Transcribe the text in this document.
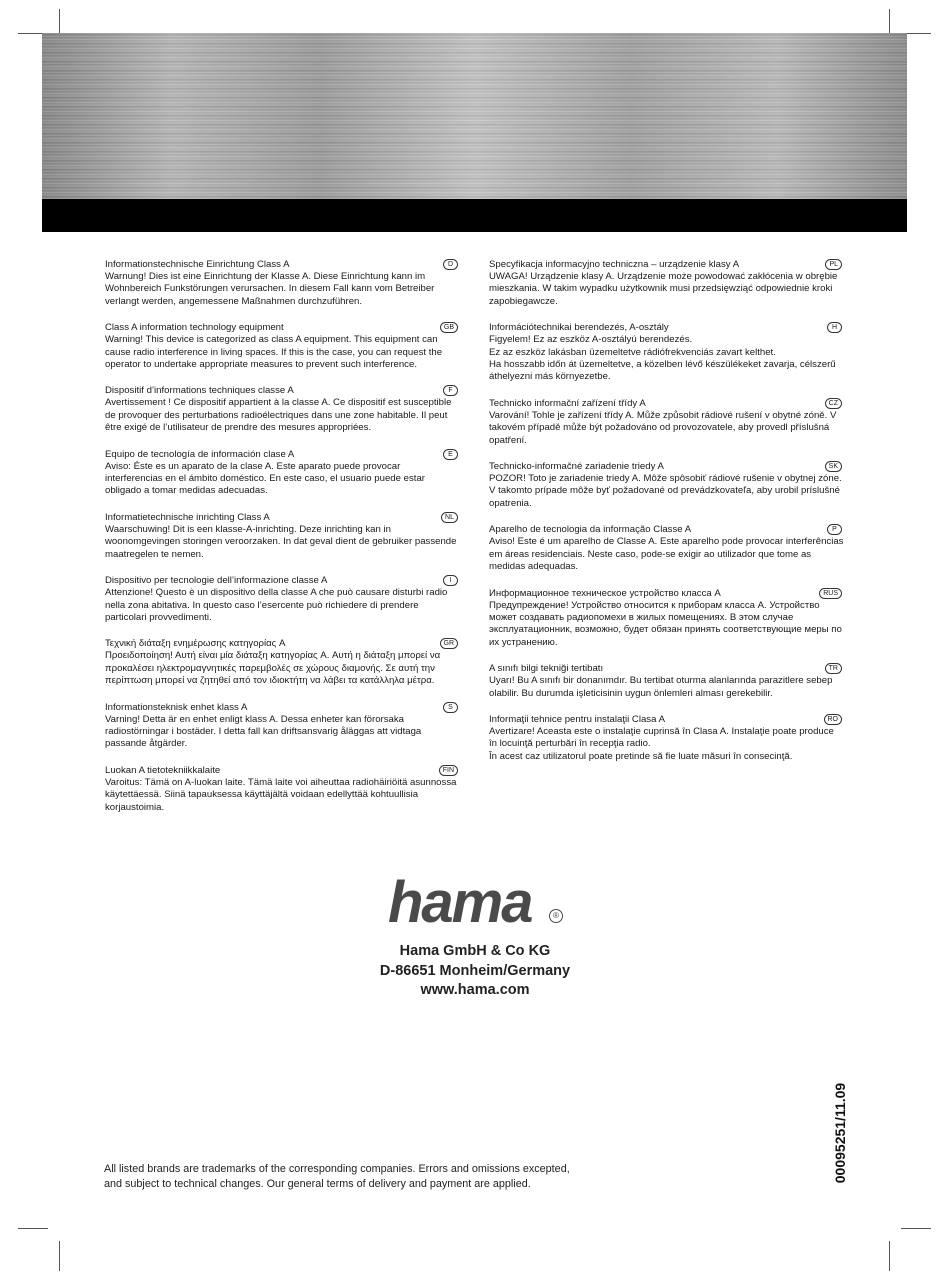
D
Informationstechnische Einrichtung Class A
Warnung! Dies ist eine Einrichtung der Klasse A. Diese Einrichtung kann im Wohnbereich Funkstörungen verursachen. In diesem Fall kann vom Betreiber verlangt werden, angemessene Maßnahmen durchzuführen.
GB
Class A information technology equipment
Warning! This device is categorized as class A equipment. This equipment can cause radio interference in living spaces. If this is the case, you can request the operator to undertake appropriate measures to prevent such interference.
F
Dispositif d’informations techniques classe A
Avertissement ! Ce dispositif appartient à la classe A. Ce dispositif est susceptible de provoquer des perturbations radioélectriques dans une zone habitable. Il peut être exigé de l’utilisateur de prendre des mesures appropriées.
E
Equipo de tecnología de información clase A
Aviso: Éste es un aparato de la clase A. Este aparato puede provocar interferencias en el ámbito doméstico. En este caso, el usuario puede estar obligado a tomar medidas adecuadas.
NL
Informatietechnische inrichting Class A
Waarschuwing! Dit is een klasse-A-inrichting. Deze inrichting kan in woonomgevingen storingen veroorzaken. In dat geval dient de gebruiker passende maatregelen te nemen.
I
Dispositivo per tecnologie dell’informazione classe A
Attenzione! Questo è un dispositivo della classe A che può causare disturbi radio nella zona abitativa. In questo caso l’esercente può richiedere di prendere particolari provvedimenti.
GR
Τεχνική διάταξη ενημέρωσης κατηγορίας A
Προειδοποίηση! Αυτή είναι μία διάταξη κατηγορίας A. Αυτή η διάταξη μπορεί να προκαλέσει ηλεκτρομαγνητικές παρεμβολές σε χώρους διαμονής. Σε αυτή την περίπτωση μπορεί να ζητηθεί από τον ιδιοκτήτη να λάβει τα κατάλληλα μέτρα.
S
Informationsteknisk enhet klass A
Varning! Detta är en enhet enligt klass A. Dessa enheter kan förorsaka radiostörningar i bostäder. I detta fall kan driftsansvarig åläggas att vidtaga passande åtgärder.
FIN
Luokan A tietotekniikkalaite
Varoitus: Tämä on A-luokan laite. Tämä laite voi aiheuttaa radiohäiriöitä asunnossa käytettäessä. Siinä tapauksessa käyttäjältä voidaan edellyttää kohtuullisia korjaustoimia.
PL
Specyfikacja informacyjno techniczna – urządzenie klasy A
UWAGA! Urządzenie klasy A. Urządzenie może powodować zakłócenia w obrębie mieszkania. W takim wypadku użytkownik musi przedsięwziąć odpowiednie kroki zapobiegawcze.
H
Információtechnikai berendezés, A-osztály
Figyelem! Ez az eszköz A-osztályú berendezés.
Ez az eszköz lakásban üzemeltetve rádiófrekvenciás zavart kelthet.
Ha hosszabb időn át üzemeltetve, a közelben lévő készülékeket zavarja, célszerű áthelyezni más környezetbe.
CZ
Technicko informační zařízení třídy A
Varování! Tohle je zařízení třídy A. Může způsobit rádiové rušení v obytné zóně. V takovém případě může být požadováno od provozovatele, aby provedl příslušná opatření.
SK
Technicko-informačné zariadenie triedy A
POZOR! Toto je zariadenie triedy A. Môže spôsobiť rádiové rušenie v obytnej zóne. V takomto prípade môže byť požadované od prevádzkovateľa, aby urobil príslušné opatrenia.
P
Aparelho de tecnologia da informação Classe A
Aviso! Este é um aparelho de Classe A. Este aparelho pode provocar interferências em áreas residenciais. Neste caso, pode-se exigir ao utilizador que tome as medidas adequadas.
RUS
Информационное техническое устройство класса A
Предупреждение! Устройство относится к приборам класса A. Устройство может создавать радиопомехи в жилых помещениях. В этом случае эксплуатационник, возможно, будет обязан принять соответствующие меры по их устранению.
TR
A sınıfı bilgi tekniği tertibatı
Uyarı! Bu A sınıfı bir donanımdır. Bu tertibat oturma alanlarında parazitlere sebep olabilir. Bu durumda işleticisinin uygun önlemleri alması gerekebilir.
RO
Informaţii tehnice pentru instalaţii Clasa A
Avertizare! Aceasta este o instalaţie cuprinsă în Clasa A. Instalaţie poate produce în locuinţă perturbări în recepţia radio.
În acest caz utilizatorul poate pretinde să fie luate măsuri în consecinţă.
hama	®
Hama GmbH & Co KG
D-86651 Monheim/Germany
www.hama.com
00095251/11.09
All listed brands are trademarks of the corresponding companies. Errors and omissions excepted,
and subject to technical changes. Our general terms of delivery and payment are applied.
